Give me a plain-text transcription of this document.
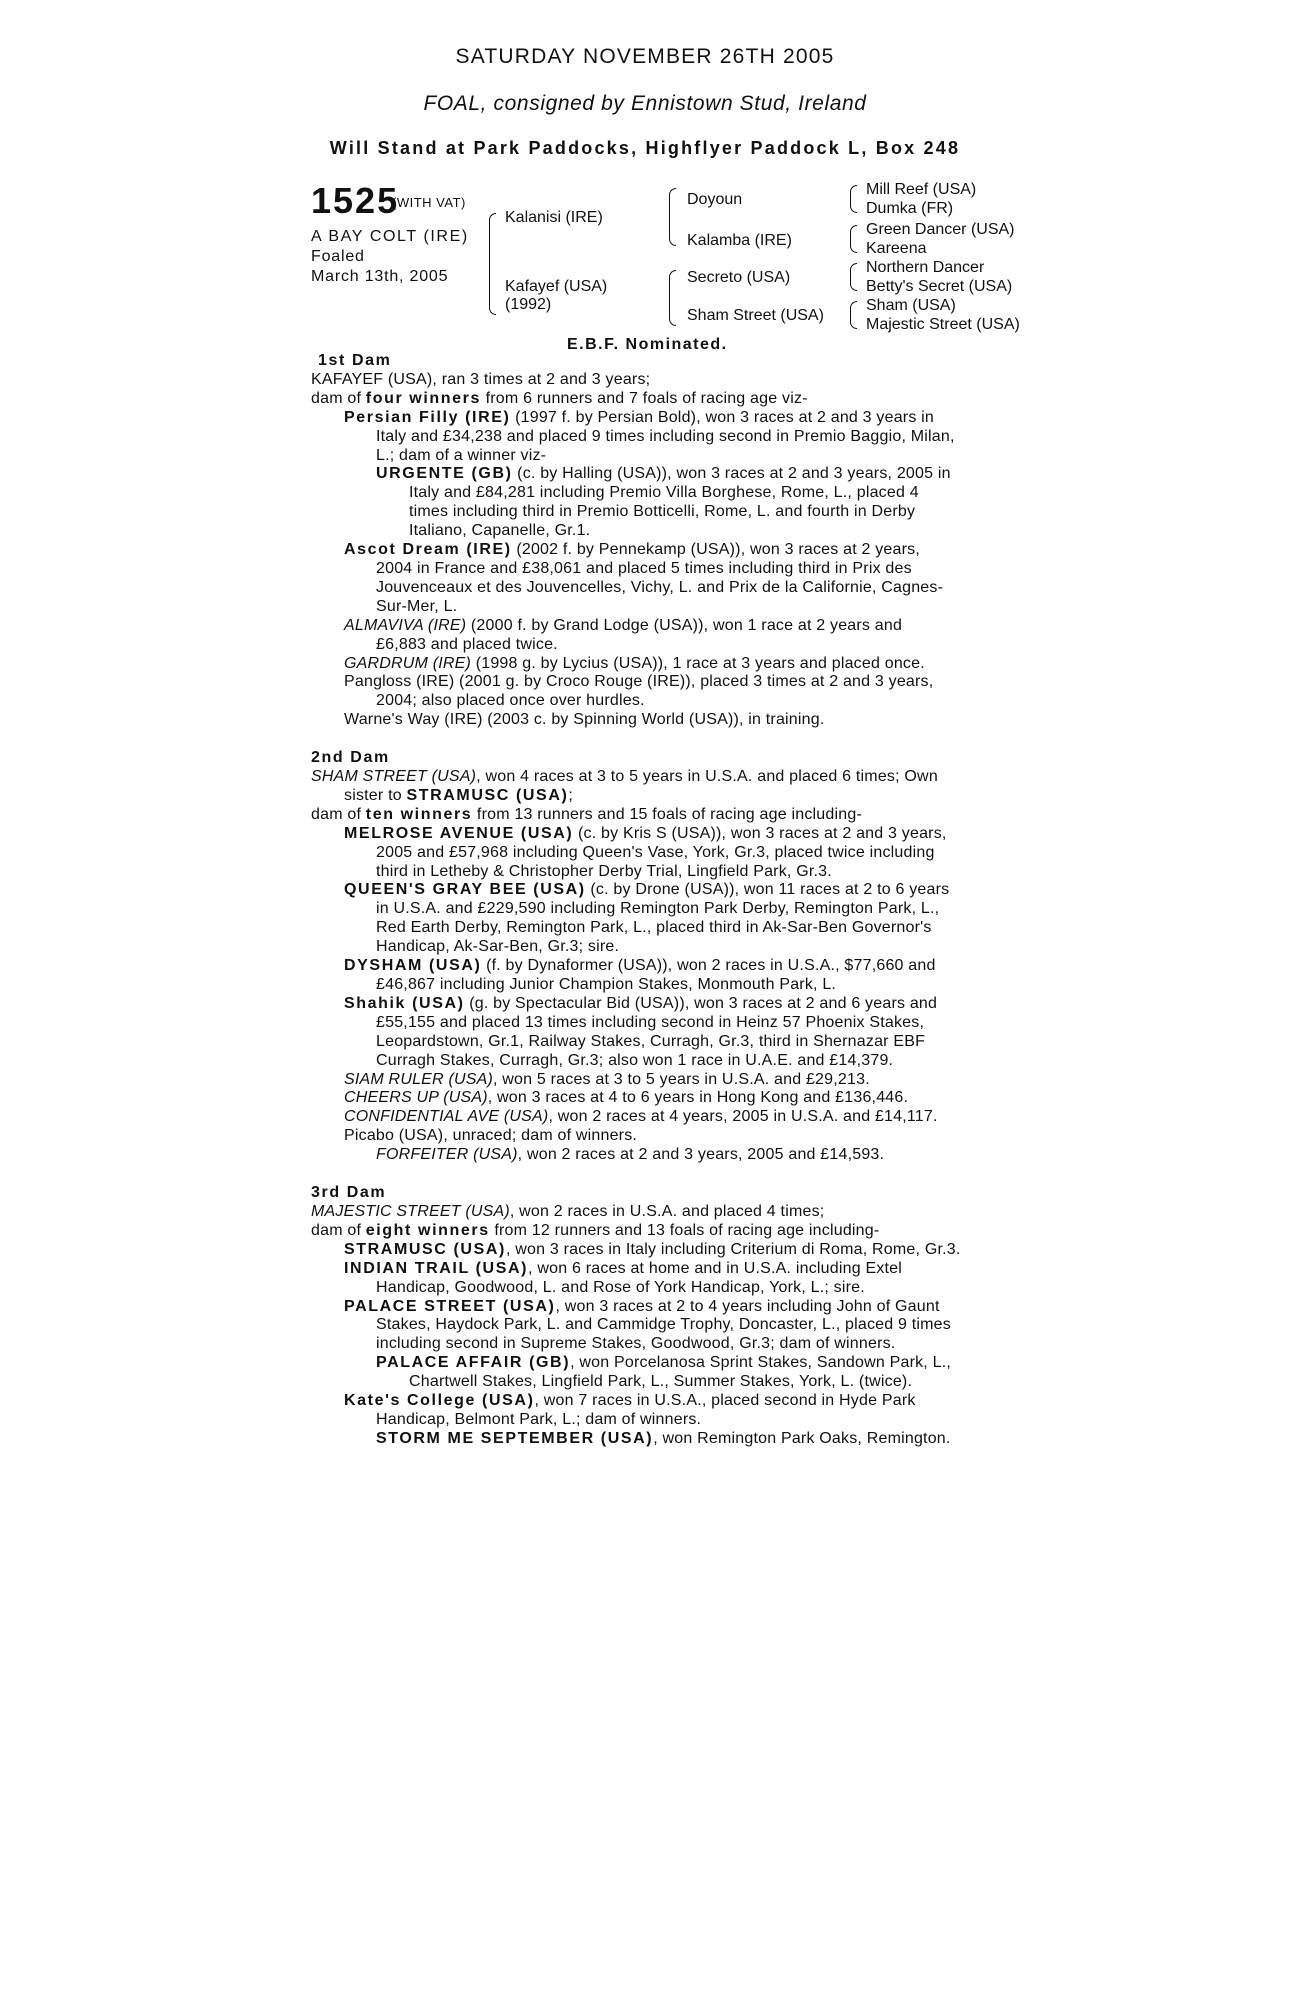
SATURDAY NOVEMBER 26TH 2005
FOAL, consigned by Ennistown Stud, Ireland
Will Stand at Park Paddocks, Highflyer Paddock L, Box 248
1525
(WITH VAT)
A BAY COLT (IRE)
Foaled
March 13th, 2005
Kalanisi (IRE)
Kafayef (USA)
(1992)
Doyoun
Kalamba (IRE)
Secreto (USA)
Sham Street (USA)
Mill Reef (USA)
Dumka (FR)
Green Dancer (USA)
Kareena
Northern Dancer
Betty's Secret (USA)
Sham (USA)
Majestic Street (USA)
E.B.F. Nominated.
1st Dam
KAFAYEF (USA), ran 3 times at 2 and 3 years;
dam of four winners from 6 runners and 7 foals of racing age viz-
Persian Filly (IRE) (1997 f. by Persian Bold), won 3 races at 2 and 3 years in
Italy and £34,238 and placed 9 times including second in Premio Baggio, Milan,
L.; dam of a winner viz-
URGENTE (GB) (c. by Halling (USA)), won 3 races at 2 and 3 years, 2005 in
Italy and £84,281 including Premio Villa Borghese, Rome, L., placed 4
times including third in Premio Botticelli, Rome, L. and fourth in Derby
Italiano, Capanelle, Gr.1.
Ascot Dream (IRE) (2002 f. by Pennekamp (USA)), won 3 races at 2 years,
2004 in France and £38,061 and placed 5 times including third in Prix des
Jouvenceaux et des Jouvencelles, Vichy, L. and Prix de la Californie, Cagnes-
Sur-Mer, L.
ALMAVIVA (IRE) (2000 f. by Grand Lodge (USA)), won 1 race at 2 years and
£6,883 and placed twice.
GARDRUM (IRE) (1998 g. by Lycius (USA)), 1 race at 3 years and placed once.
Pangloss (IRE) (2001 g. by Croco Rouge (IRE)), placed 3 times at 2 and 3 years,
2004; also placed once over hurdles.
Warne's Way (IRE) (2003 c. by Spinning World (USA)), in training.
2nd Dam
SHAM STREET (USA), won 4 races at 3 to 5 years in U.S.A. and placed 6 times; Own
sister to STRAMUSC (USA);
dam of ten winners from 13 runners and 15 foals of racing age including-
MELROSE AVENUE (USA) (c. by Kris S (USA)), won 3 races at 2 and 3 years,
2005 and £57,968 including Queen's Vase, York, Gr.3, placed twice including
third in Letheby & Christopher Derby Trial, Lingfield Park, Gr.3.
QUEEN'S GRAY BEE (USA) (c. by Drone (USA)), won 11 races at 2 to 6 years
in U.S.A. and £229,590 including Remington Park Derby, Remington Park, L.,
Red Earth Derby, Remington Park, L., placed third in Ak-Sar-Ben Governor's
Handicap, Ak-Sar-Ben, Gr.3; sire.
DYSHAM (USA) (f. by Dynaformer (USA)), won 2 races in U.S.A., $77,660 and
£46,867 including Junior Champion Stakes, Monmouth Park, L.
Shahik (USA) (g. by Spectacular Bid (USA)), won 3 races at 2 and 6 years and
£55,155 and placed 13 times including second in Heinz 57 Phoenix Stakes,
Leopardstown, Gr.1, Railway Stakes, Curragh, Gr.3, third in Shernazar EBF
Curragh Stakes, Curragh, Gr.3; also won 1 race in U.A.E. and £14,379.
SIAM RULER (USA), won 5 races at 3 to 5 years in U.S.A. and £29,213.
CHEERS UP (USA), won 3 races at 4 to 6 years in Hong Kong and £136,446.
CONFIDENTIAL AVE (USA), won 2 races at 4 years, 2005 in U.S.A. and £14,117.
Picabo (USA), unraced; dam of winners.
FORFEITER (USA), won 2 races at 2 and 3 years, 2005 and £14,593.
3rd Dam
MAJESTIC STREET (USA), won 2 races in U.S.A. and placed 4 times;
dam of eight winners from 12 runners and 13 foals of racing age including-
STRAMUSC (USA), won 3 races in Italy including Criterium di Roma, Rome, Gr.3.
INDIAN TRAIL (USA), won 6 races at home and in U.S.A. including Extel
Handicap, Goodwood, L. and Rose of York Handicap, York, L.; sire.
PALACE STREET (USA), won 3 races at 2 to 4 years including John of Gaunt
Stakes, Haydock Park, L. and Cammidge Trophy, Doncaster, L., placed 9 times
including second in Supreme Stakes, Goodwood, Gr.3; dam of winners.
PALACE AFFAIR (GB), won Porcelanosa Sprint Stakes, Sandown Park, L.,
Chartwell Stakes, Lingfield Park, L., Summer Stakes, York, L. (twice).
Kate's College (USA), won 7 races in U.S.A., placed second in Hyde Park
Handicap, Belmont Park, L.; dam of winners.
STORM ME SEPTEMBER (USA), won Remington Park Oaks, Remington.
